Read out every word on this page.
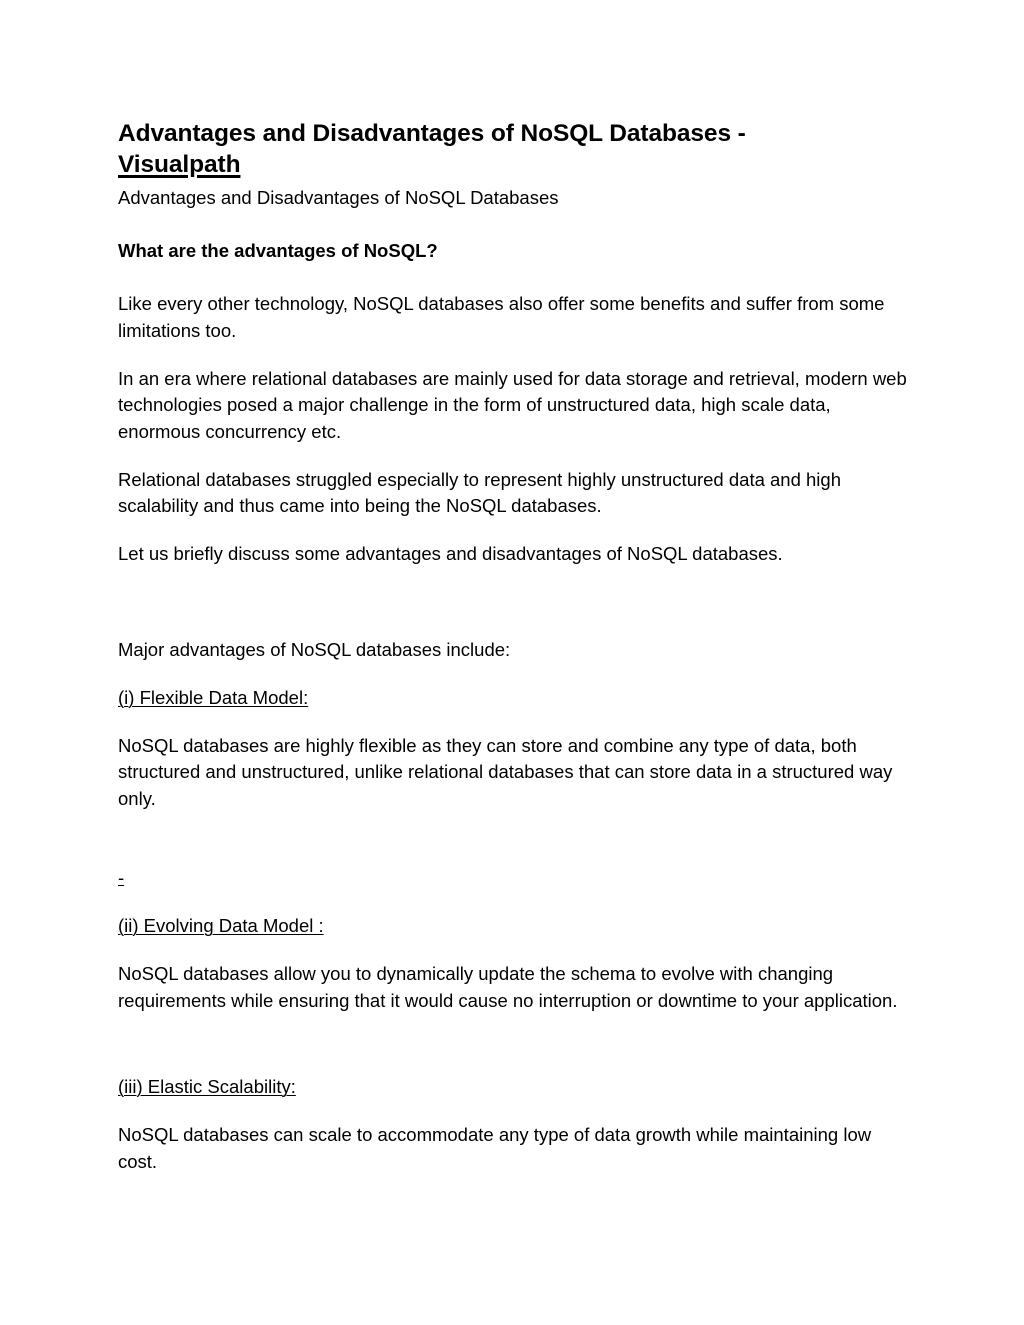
Advantages and Disadvantages of NoSQL Databases -
Visualpath

Advantages and Disadvantages of NoSQL Databases

What are the advantages of NoSQL?

Like every other technology, NoSQL databases also offer some benefits and suffer from some limitations too.

In an era where relational databases are mainly used for data storage and retrieval, modern web technologies posed a major challenge in the form of unstructured data, high scale data, enormous concurrency etc.

Relational databases struggled especially to represent highly unstructured data and high scalability and thus came into being the NoSQL databases.

Let us briefly discuss some advantages and disadvantages of NoSQL databases.

Major advantages of NoSQL databases include:

(i) Flexible Data Model:

NoSQL databases are highly flexible as they can store and combine any type of data, both structured and unstructured, unlike relational databases that can store data in a structured way only.

-

(ii) Evolving Data Model :

NoSQL databases allow you to dynamically update the schema to evolve with changing requirements while ensuring that it would cause no interruption or downtime to your application.

(iii) Elastic Scalability:

NoSQL databases can scale to accommodate any type of data growth while maintaining low cost.
